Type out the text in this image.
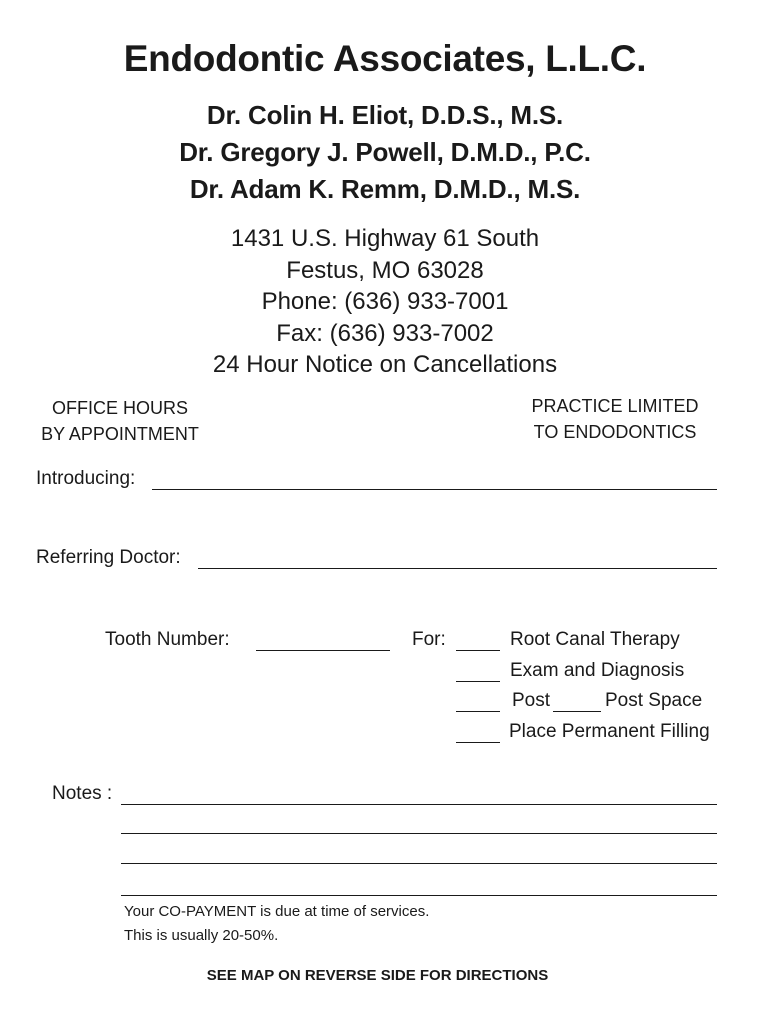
Endodontic Associates, L.L.C.
Dr. Colin H. Eliot, D.D.S., M.S.
Dr. Gregory J. Powell, D.M.D., P.C.
Dr. Adam K. Remm, D.M.D., M.S.
1431 U.S. Highway 61 South
Festus, MO 63028
Phone: (636) 933-7001
Fax: (636) 933-7002
24 Hour Notice on Cancellations
OFFICE HOURS
BY APPOINTMENT
PRACTICE LIMITED
TO ENDODONTICS
Introducing:
Referring Doctor:
Tooth Number:	For:	Root Canal Therapy
Exam and Diagnosis
Post	Post Space
Place Permanent Filling
Notes :
Your CO-PAYMENT is due at time of services.
This is usually 20-50%.
SEE MAP ON REVERSE SIDE FOR DIRECTIONS
